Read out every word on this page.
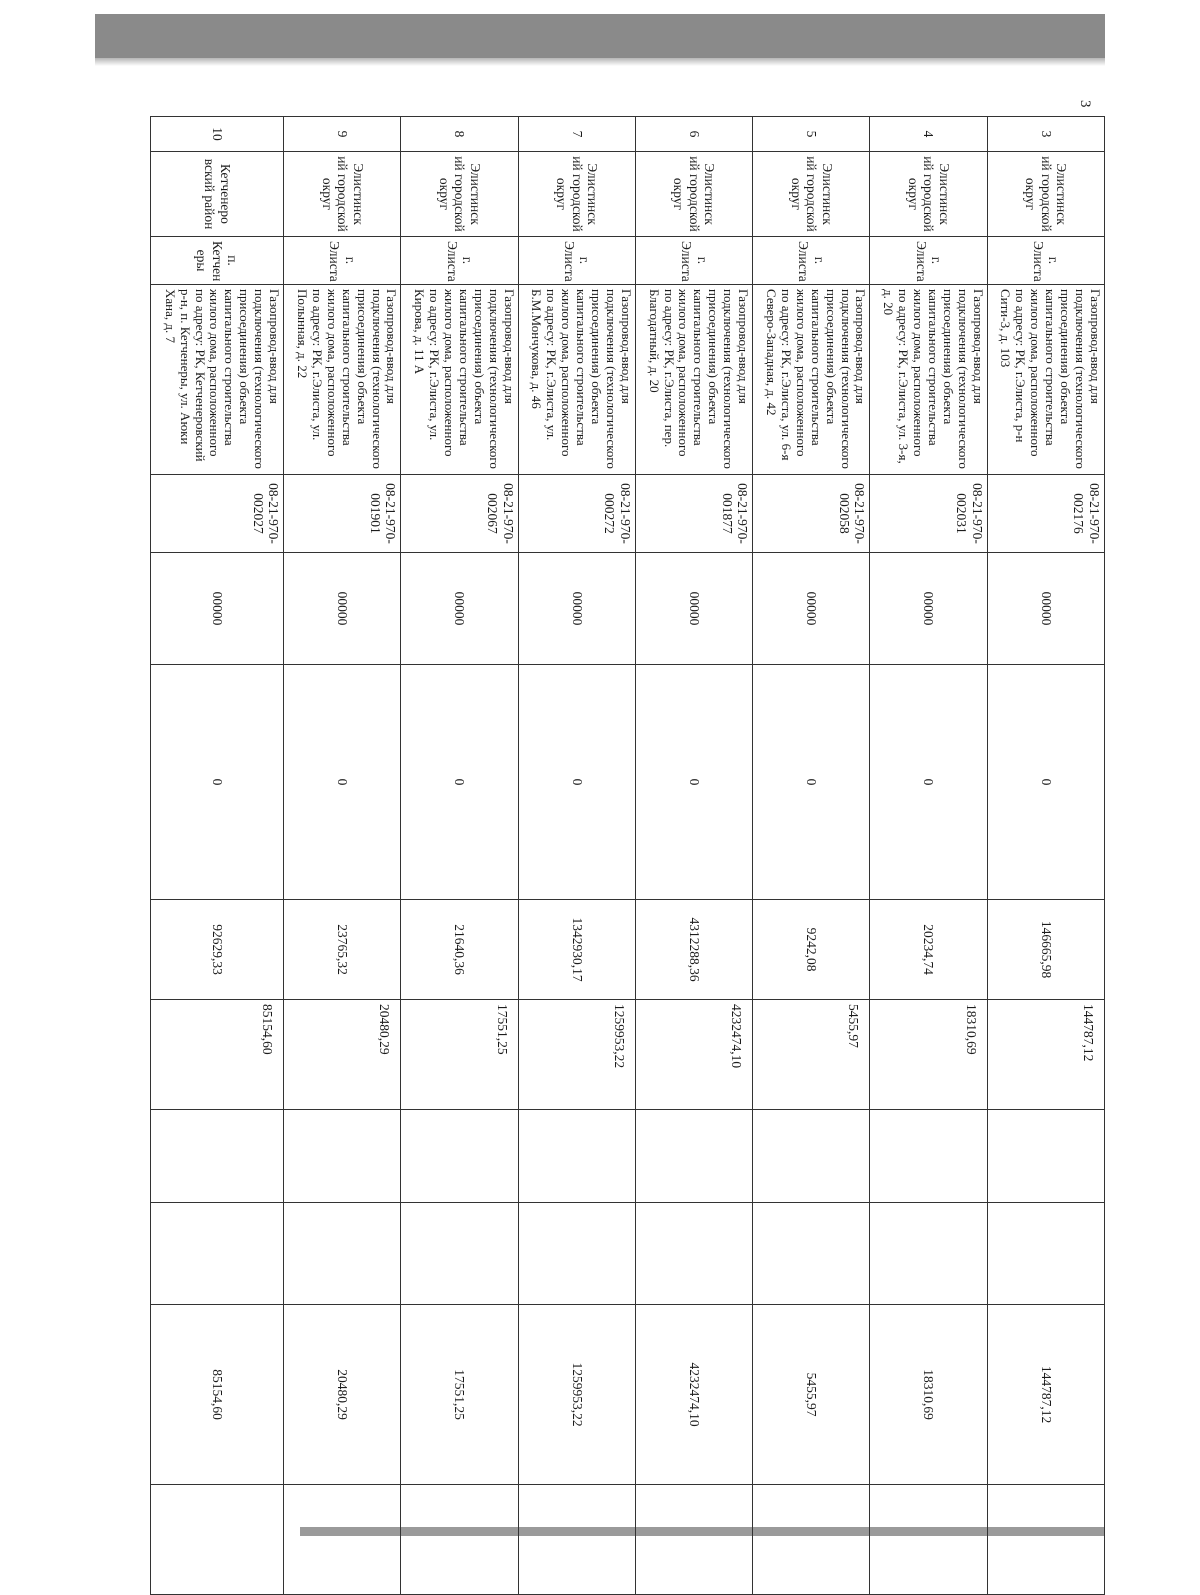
3
3	Элистинск ий городской округ	г. Элиста	Газопровод-ввод для подключения (технологического присоединения) объекта капитального строительства жилого дома, расположенного по адресу: РК, г.Элиста, р-н Сити-3, д. 103	08-21-970-002176	00000	0	146665,98	144787,12			144787,12	
4	Элистинск ий городской округ	г. Элиста	Газопровод-ввод для подключения (технологического присоединения) объекта капитального строительства жилого дома, расположенного по адресу: РК, г.Элиста, ул. 3-я, д. 20	08-21-970-002031	00000	0	20234,74	18310,69			18310,69	
5	Элистинск ий городской округ	г. Элиста	Газопровод-ввод для подключения (технологического присоединения) объекта капитального строительства жилого дома, расположенного по адресу: РК, г.Элиста, ул. 6-я Северо-Западная, д. 42	08-21-970-002058	00000	0	9242,08	5455,97			5455,97	
6	Элистинск ий городской округ	г. Элиста	Газопровод-ввод для подключения (технологического присоединения) объекта капитального строительства жилого дома, расположенного по адресу: РК, г.Элиста, пер. Благодатный, д. 20	08-21-970-001877	00000	0	4312288,36	4232474,10			4232474,10	
7	Элистинск ий городской округ	г. Элиста	Газопровод-ввод для подключения (технологического присоединения) объекта капитального строительства жилого дома, расположенного по адресу: РК, г.Элиста, ул. Б.М.Мончукова, д. 46	08-21-970-000272	00000	0	1342930,17	1259953,22			1259953,22	
8	Элистинск ий городской округ	г. Элиста	Газопровод-ввод для подключения (технологического присоединения) объекта капитального строительства жилого дома, расположенного по адресу: РК, г.Элиста, ул. Кирова, д. 11 А	08-21-970-002067	00000	0	21640,36	17551,25			17551,25	
9	Элистинск ий городской округ	г. Элиста	Газопровод-ввод для подключения (технологического присоединения) объекта капитального строительства жилого дома, расположенного по адресу: РК, г.Элиста, ул. Полынная, д. 22	08-21-970-001901	00000	0	23765,32	20480,29			20480,29	
10	Кетченеро вский район	п. Кетчен еры	Газопровод-ввод для подключения (технологического присоединения) объекта капитального строительства жилого дома, расположенного по адресу: РК, Кетченеровский р-н, п. Кетченеры, ул. Аюки Хана, д. 7	08-21-970-002027	00000	0	92629,33	85154,60			85154,60	
